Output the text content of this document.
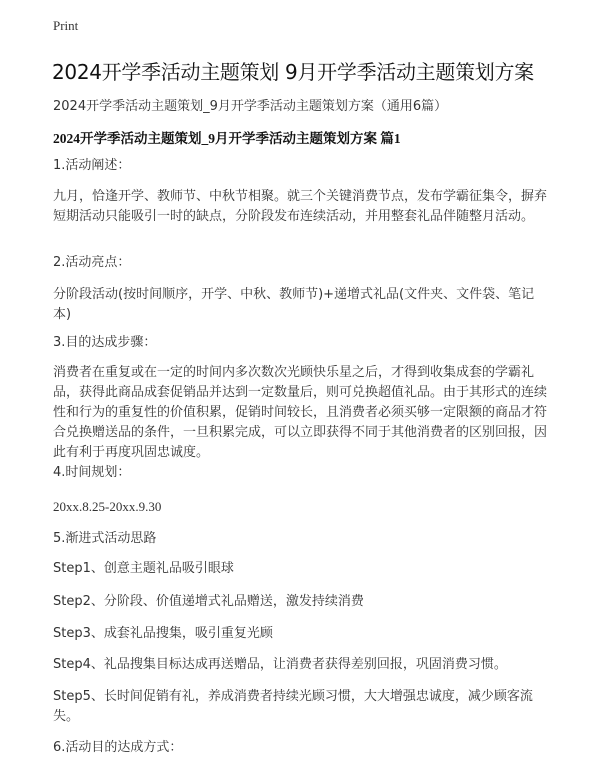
Print
2024开学季活动主题策划 9月开学季活动主题策划方案
2024开学季活动主题策划_9月开学季活动主题策划方案（通用6篇）
2024开学季活动主题策划_9月开学季活动主题策划方案 篇1

1.活动阐述：

九月，恰逢开学、教师节、中秋节相聚。就三个关键消费节点，发布学霸征集令，摒弃短期活动只能吸引一时的缺点，分阶段发布连续活动，并用整套礼品伴随整月活动。

2.活动亮点：

分阶段活动(按时间顺序，开学、中秋、教师节)+递增式礼品(文件夹、文件袋、笔记本)

3.目的达成步骤：

消费者在重复或在一定的时间内多次数次光顾快乐星之后，才得到收集成套的学霸礼品，获得此商品成套促销品并达到一定数量后，则可兑换超值礼品。由于其形式的连续性和行为的重复性的价值积累，促销时间较长，且消费者必须买够一定限额的商品才符合兑换赠送品的条件，一旦积累完成，可以立即获得不同于其他消费者的区别回报，因此有利于再度巩固忠诚度。

4.时间规划：

20xx.8.25-20xx.9.30

5.渐进式活动思路

Step1、创意主题礼品吸引眼球

Step2、分阶段、价值递增式礼品赠送，激发持续消费

Step3、成套礼品搜集，吸引重复光顾

Step4、礼品搜集目标达成再送赠品，让消费者获得差别回报，巩固消费习惯。

Step5、长时间促销有礼，养成消费者持续光顾习惯，大大增强忠诚度，减少顾客流失。

6.活动目的达成方式：
